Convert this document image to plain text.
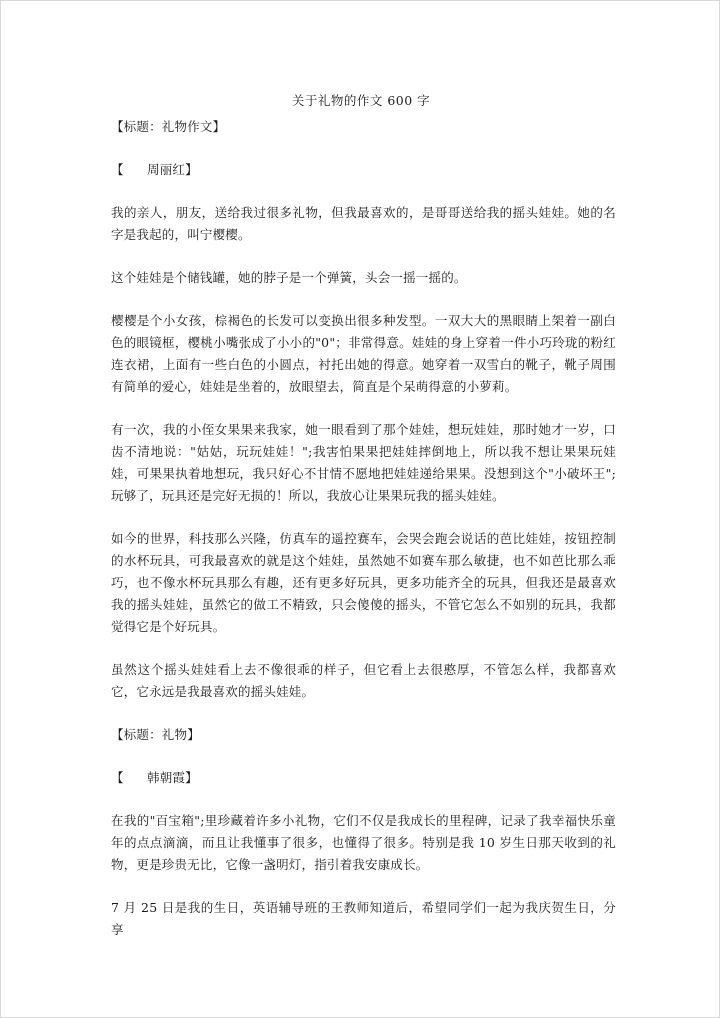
关于礼物的作文 600 字

【标题：礼物作文】

【	周丽红】

我的亲人，朋友，送给我过很多礼物，但我最喜欢的，是哥哥送给我的摇头娃娃。她的名字是我起的，叫宁樱樱。

这个娃娃是个储钱罐，她的脖子是一个弹簧，头会一摇一摇的。

樱樱是个小女孩，棕褐色的长发可以变换出很多种发型。一双大大的黑眼睛上架着一副白色的眼镜框，樱桃小嘴张成了小小的"0"；非常得意。娃娃的身上穿着一件小巧玲珑的粉红连衣裙，上面有一些白色的小圆点，衬托出她的得意。她穿着一双雪白的靴子，靴子周围有简单的爱心，娃娃是坐着的，放眼望去，简直是个呆萌得意的小萝莉。

有一次，我的小侄女果果来我家，她一眼看到了那个娃娃，想玩娃娃，那时她才一岁，口齿不清地说："姑姑，玩玩娃娃！";我害怕果果把娃娃摔倒地上，所以我不想让果果玩娃娃，可果果执着地想玩，我只好心不甘情不愿地把娃娃递给果果。没想到这个"小破坏王";玩够了，玩具还是完好无损的！所以，我放心让果果玩我的摇头娃娃。

如今的世界，科技那么兴隆，仿真车的遥控赛车，会哭会跑会说话的芭比娃娃，按钮控制的水杯玩具，可我最喜欢的就是这个娃娃，虽然她不如赛车那么敏捷，也不如芭比那么乖巧，也不像水杯玩具那么有趣，还有更多好玩具，更多功能齐全的玩具，但我还是最喜欢我的摇头娃娃，虽然它的做工不精致，只会傻傻的摇头，不管它怎么不如别的玩具，我都觉得它是个好玩具。

虽然这个摇头娃娃看上去不像很乖的样子，但它看上去很憨厚，不管怎么样，我都喜欢它，它永远是我最喜欢的摇头娃娃。

【标题：礼物】

【	韩朝霞】

在我的"百宝箱";里珍藏着许多小礼物，它们不仅是我成长的里程碑，记录了我幸福快乐童年的点点滴滴，而且让我懂事了很多，也懂得了很多。特别是我 10 岁生日那天收到的礼物，更是珍贵无比，它像一盏明灯，指引着我安康成长。

7 月 25 日是我的生日，英语辅导班的王教师知道后，希望同学们一起为我庆贺生日，分享
